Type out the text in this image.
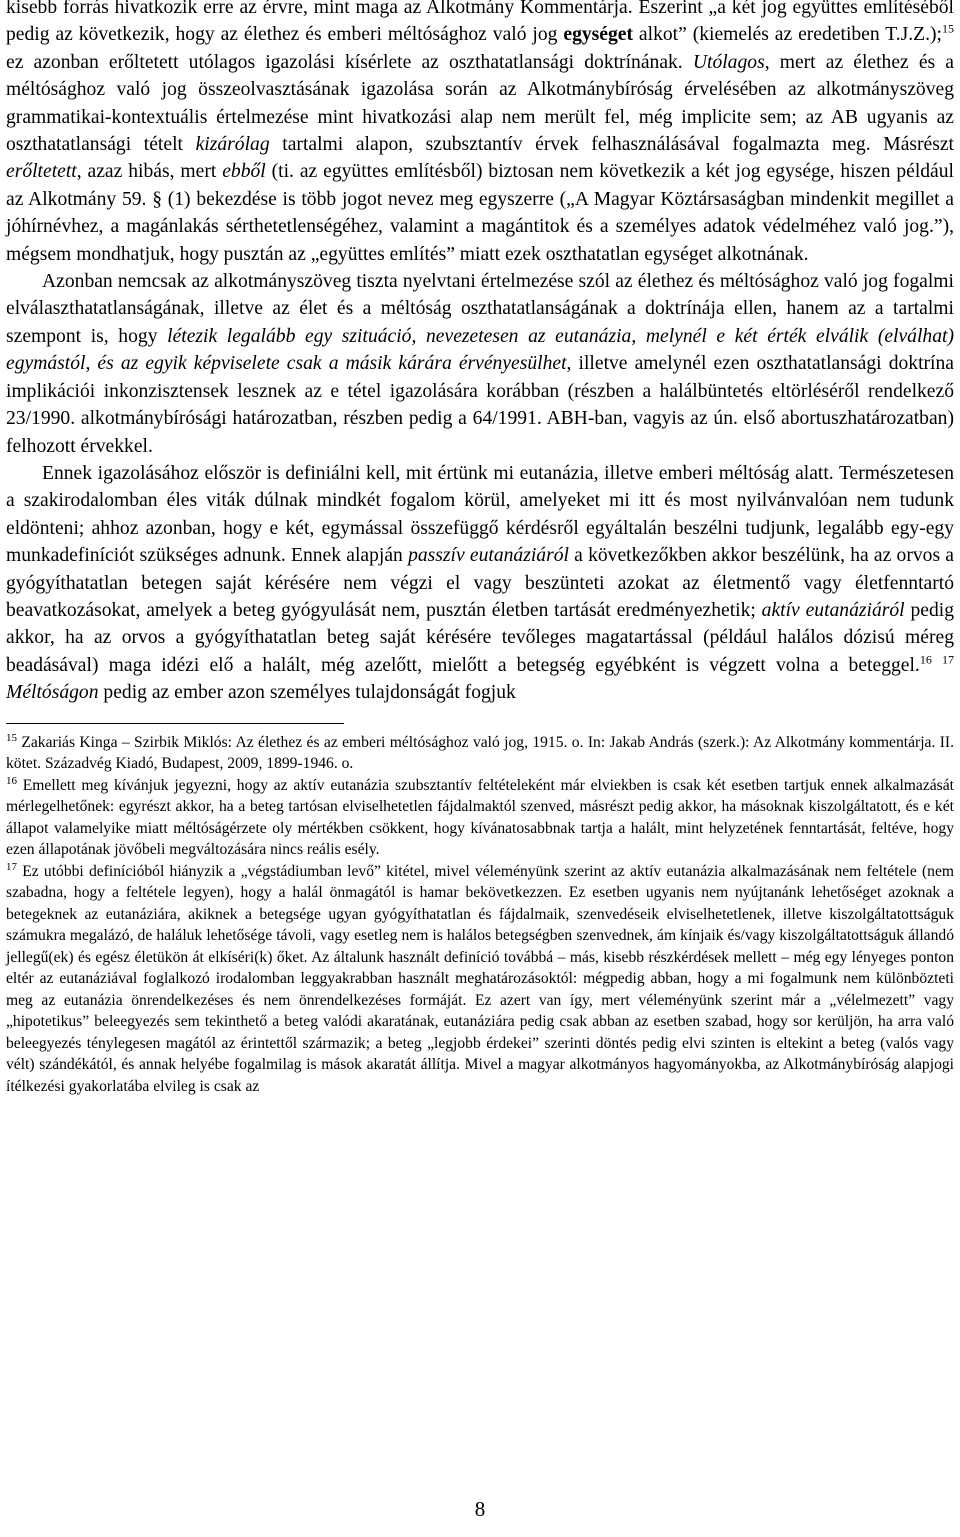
kisebb forrás hivatkozik erre az érvre, mint maga az Alkotmány Kommentárja. Eszerint „a két jog együttes említéséből pedig az következik, hogy az élethez és emberi méltósághoz való jog egységet alkot” (kiemelés az eredetiben T.J.Z.);$^{15}$ ez azonban erőltetett utólagos igazolási kísérlete az oszthatatlansági doktrínának. Utólagos, mert az élethez és a méltósághoz való jog összeolvasztásának igazolása során az Alkotmánybíróság érvelésében az alkotmányszöveg grammatikai-kontextuális értelmezése mint hivatkozási alap nem merült fel, még implicite sem; az AB ugyanis az oszthatatlansági tételt kizárólag tartalmi alapon, szubsztantív érvek felhasználásával fogalmazta meg. Másrészt erőltetett, azaz hibás, mert ebből (ti. az együttes említésből) biztosan nem következik a két jog egysége, hiszen például az Alkotmány 59. § (1) bekezdése is több jogot nevez meg egyszerre („A Magyar Köztársaságban mindenkit megillet a jóhírnévhez, a magánlakás sérthetetlenségéhez, valamint a magántitok és a személyes adatok védelméhez való jog.”), mégsem mondhatjuk, hogy pusztán az „együttes említés” miatt ezek oszthatatlan egységet alkotnának.

Azonban nemcsak az alkotmányszöveg tiszta nyelvtani értelmezése szól az élethez és méltósághoz való jog fogalmi elválaszthatatlanságának, illetve az élet és a méltóság oszthatatlanságának a doktrínája ellen, hanem az a tartalmi szempont is, hogy létezik legalább egy szituáció, nevezetesen az eutanázia, melynél e két érték elválik (elválhat) egymástól, és az egyik képviselete csak a másik kárára érvényesülhet, illetve amelynél ezen oszthatatlansági doktrína implikációi inkonzisztensek lesznek az e tétel igazolására korábban (részben a halálbüntetés eltörléséről rendelkező 23/1990. alkotmánybírósági határozatban, részben pedig a 64/1991. ABH-ban, vagyis az ún. első abortuszhatározatban) felhozott érvekkel.

Ennek igazolásához először is definiálni kell, mit értünk mi eutanázia, illetve emberi méltóság alatt. Természetesen a szakirodalomban éles viták dúlnak mindkét fogalom körül, amelyeket mi itt és most nyilvánvalóan nem tudunk eldönteni; ahhoz azonban, hogy e két, egymással összefüggő kérdésről egyáltalán beszélni tudjunk, legalább egy-egy munkadefiníciót szükséges adnunk. Ennek alapján passzív eutanáziáról a következőkben akkor beszélünk, ha az orvos a gyógyíthatatlan betegen saját kérésére nem végzi el vagy beszünteti azokat az életmentő vagy életfenntartó beavatkozásokat, amelyek a beteg gyógyulását nem, pusztán életben tartását eredményezhetik; aktív eutanáziáról pedig akkor, ha az orvos a gyógyíthatatlan beteg saját kérésére tevőleges magatartással (például halálos dózisú méreg beadásával) maga idézi elő a halált, még azelőtt, mielőtt a betegség egyébként is végzett volna a beteggel.$^{16}$ $^{17}$ Méltóságon pedig az ember azon személyes tulajdonságát fogjuk

$^{15}$ Zakariás Kinga – Szirbik Miklós: Az élethez és az emberi méltósághoz való jog, 1915. o. In: Jakab András (szerk.): Az Alkotmány kommentárja. II. kötet. Századvég Kiadó, Budapest, 2009, 1899-1946. o.

$^{16}$ Emellett meg kívánjuk jegyezni, hogy az aktív eutanázia szubsztantív feltételeként már elviekben is csak két esetben tartjuk ennek alkalmazását mérlegelhetőnek: egyrészt akkor, ha a beteg tartósan elviselhetetlen fájdalmaktól szenved, másrészt pedig akkor, ha másoknak kiszolgáltatott, és e két állapot valamelyike miatt méltóságérzete oly mértékben csökkent, hogy kívánatosabbnak tartja a halált, mint helyzetének fenntartását, feltéve, hogy ezen állapotának jövőbeli megváltozására nincs reális esély.

$^{17}$ Ez utóbbi definícióból hiányzik a „végstádiumban levő” kitétel, mivel véleményünk szerint az aktív eutanázia alkalmazásának nem feltétele (nem szabadna, hogy a feltétele legyen), hogy a halál önmagától is hamar bekövetkezzen. Ez esetben ugyanis nem nyújtanánk lehetőséget azoknak a betegeknek az eutanáziára, akiknek a betegsége ugyan gyógyíthatatlan és fájdalmaik, szenvedéseik elviselhetetlenek, illetve kiszolgáltatottságuk számukra megalázó, de haláluk lehetősége távoli, vagy esetleg nem is halálos betegségben szenvednek, ám kínjaik és/vagy kiszolgáltatottságuk állandó jellegű(ek) és egész életükön át elkíséri(k) őket. Az általunk használt definíció továbbá – más, kisebb részkérdések mellett – még egy lényeges ponton eltér az eutanáziával foglalkozó irodalomban leggyakrabban használt meghatározásoktól: mégpedig abban, hogy a mi fogalmunk nem különbözteti meg az eutanázia önrendelkezéses és nem önrendelkezéses formáját. Ez azert van így, mert véleményünk szerint már a „vélelmezett” vagy „hipotetikus” beleegyezés sem tekinthető a beteg valódi akaratának, eutanáziára pedig csak abban az esetben szabad, hogy sor kerüljön, ha arra való beleegyezés ténylegesen magától az érintettől származik; a beteg „legjobb érdekei” szerinti döntés pedig elvi szinten is eltekint a beteg (valós vagy vélt) szándékától, és annak helyébe fogalmilag is mások akaratát állítja. Mivel a magyar alkotmányos hagyományokba, az Alkotmánybíróság alapjogi ítélkezési gyakorlatába elvileg is csak az

8
